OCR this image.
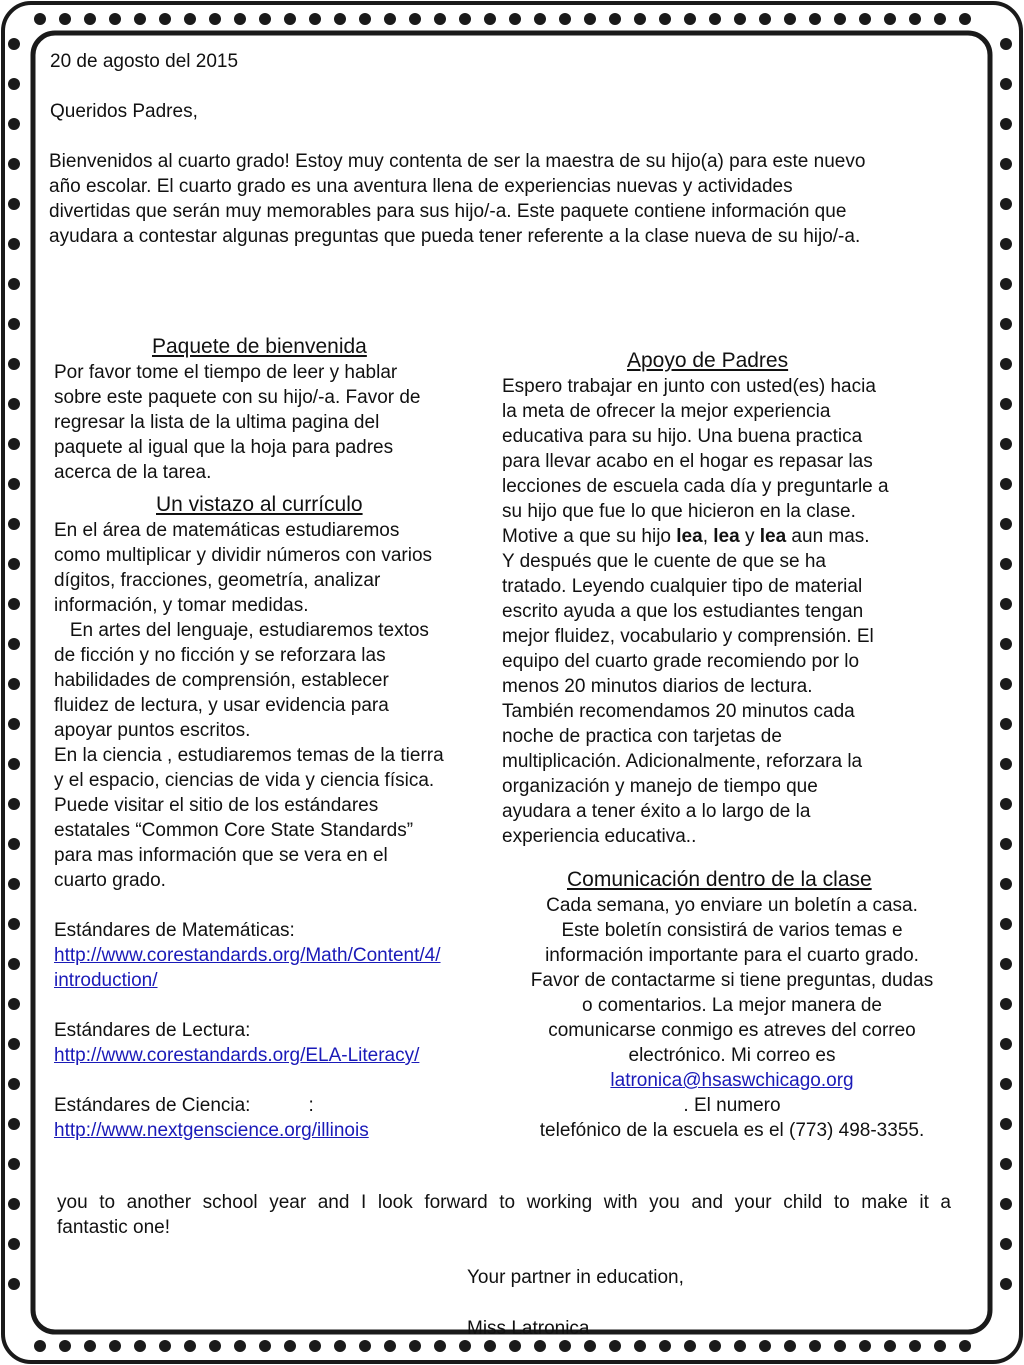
20 de agosto del 2015
Queridos Padres,
Bienvenidos al cuarto grado! Estoy muy contenta de ser la maestra de su hijo(a) para este nuevo
año escolar. El cuarto grado es una aventura llena de experiencias nuevas y actividades
divertidas que serán muy memorables para sus hijo/-a. Este paquete contiene información que
ayudara a contestar algunas preguntas que pueda tener referente a la clase nueva de su hijo/-a.
Paquete de bienvenida
Por favor tome el tiempo de leer y hablar
sobre este paquete con su hijo/-a. Favor de
regresar la lista de la ultima pagina del
paquete al igual que la hoja para padres
acerca de la tarea.
Un vistazo al currículo
En el área de matemáticas estudiaremos
como multiplicar y dividir números con varios
dígitos, fracciones, geometría, analizar
información, y tomar medidas.
En artes del lenguaje, estudiaremos textos
de ficción y no ficción y se reforzara las
habilidades de comprensión, establecer
fluidez de lectura, y usar evidencia para
apoyar puntos escritos.
En la ciencia , estudiaremos temas de la tierra
y el espacio, ciencias de vida y ciencia física.
Puede visitar el sitio de los estándares
estatales “Common Core State Standards”
para mas información que se vera en el
cuarto grado.
Estándares de Matemáticas:
http://www.corestandards.org/Math/Content/4/
introduction/
Estándares de Lectura:
http://www.corestandards.org/ELA-Literacy/
Estándares de Ciencia:           :
http://www.nextgenscience.org/illinois
Apoyo de Padres
Espero trabajar en junto con usted(es) hacia
la meta de ofrecer la mejor experiencia
educativa para su hijo. Una buena practica
para llevar acabo en el hogar es repasar las
lecciones de escuela cada día y preguntarle a
su hijo que fue lo que hicieron en la clase.
Motive a que su hijo lea, lea y lea aun mas.
Y después que le cuente de que se ha
tratado. Leyendo cualquier tipo de material
escrito ayuda a que los estudiantes tengan
mejor fluidez, vocabulario y comprensión. El
equipo del cuarto grade recomiendo por lo
menos 20 minutos diarios de lectura.
También recomendamos 20 minutos cada
noche de practica con tarjetas de
multiplicación. Adicionalmente, reforzara la
organización y manejo de tiempo que
ayudara a tener éxito a lo largo de la
experiencia educativa..
Comunicación dentro de la clase
Cada semana, yo enviare un boletín a casa.
Este boletín consistirá de varios temas e
información importante para el cuarto grado.
Favor de contactarme si tiene preguntas, dudas
o comentarios. La mejor manera de
comunicarse conmigo es atreves del correo
electrónico. Mi correo es
latronica@hsaswchicago.org
. El numero
telefónico de la escuela es el (773) 498-3355.
you to another school year and I look forward to working with you and your child to make it a
fantastic one!
Your partner in education,
Miss Latronica
